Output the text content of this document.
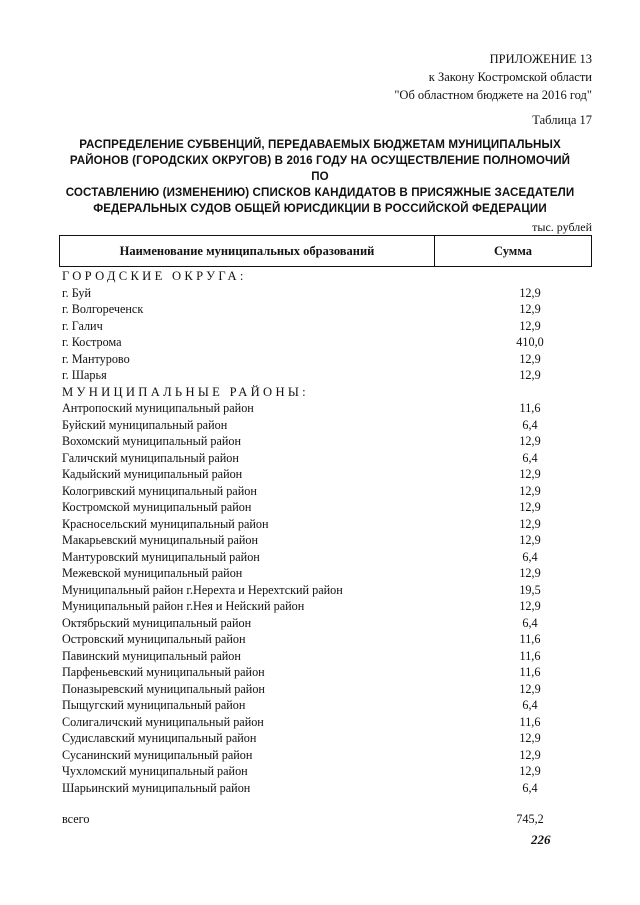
ПРИЛОЖЕНИЕ 13
к Закону Костромской области
"Об областном бюджете на 2016 год"
Таблица 17
РАСПРЕДЕЛЕНИЕ СУБВЕНЦИЙ, ПЕРЕДАВАЕМЫХ БЮДЖЕТАМ МУНИЦИПАЛЬНЫХ
РАЙОНОВ (ГОРОДСКИХ ОКРУГОВ) В 2016 ГОДУ НА ОСУЩЕСТВЛЕНИЕ ПОЛНОМОЧИЙ ПО
СОСТАВЛЕНИЮ (ИЗМЕНЕНИЮ) СПИСКОВ КАНДИДАТОВ В ПРИСЯЖНЫЕ ЗАСЕДАТЕЛИ
ФЕДЕРАЛЬНЫХ СУДОВ ОБЩЕЙ ЮРИСДИКЦИИ В РОССИЙСКОЙ ФЕДЕРАЦИИ
тыс. рублей
Наименование муниципальных образований	Сумма
ГОРОДСКИЕ ОКРУГА:
г. Буй	12,9
г. Волгореченск	12,9
г. Галич	12,9
г. Кострома	410,0
г. Мантурово	12,9
г. Шарья	12,9
МУНИЦИПАЛЬНЫЕ РАЙОНЫ:
Антропоский муниципальный район	11,6
Буйский муниципальный район	6,4
Вохомский муниципальный район	12,9
Галичский муниципальный район	6,4
Кадыйский муниципальный район	12,9
Кологривский муниципальный район	12,9
Костромской муниципальный район	12,9
Красносельский муниципальный район	12,9
Макарьевский муниципальный район	12,9
Мантуровский муниципальный район	6,4
Межевской муниципальный район	12,9
Муниципальный район г.Нерехта и Нерехтский район	19,5
Муниципальный район г.Нея и Нейский район	12,9
Октябрьский муниципальный район	6,4
Островский муниципальный район	11,6
Павинский муниципальный район	11,6
Парфеньевский муниципальный район	11,6
Поназыревский муниципальный район	12,9
Пыщугский муниципальный район	6,4
Солигаличский муниципальный район	11,6
Судиславский муниципальный район	12,9
Сусанинский муниципальный район	12,9
Чухломский муниципальный район	12,9
Шарьинский муниципальный район	6,4
всего	745,2
226
